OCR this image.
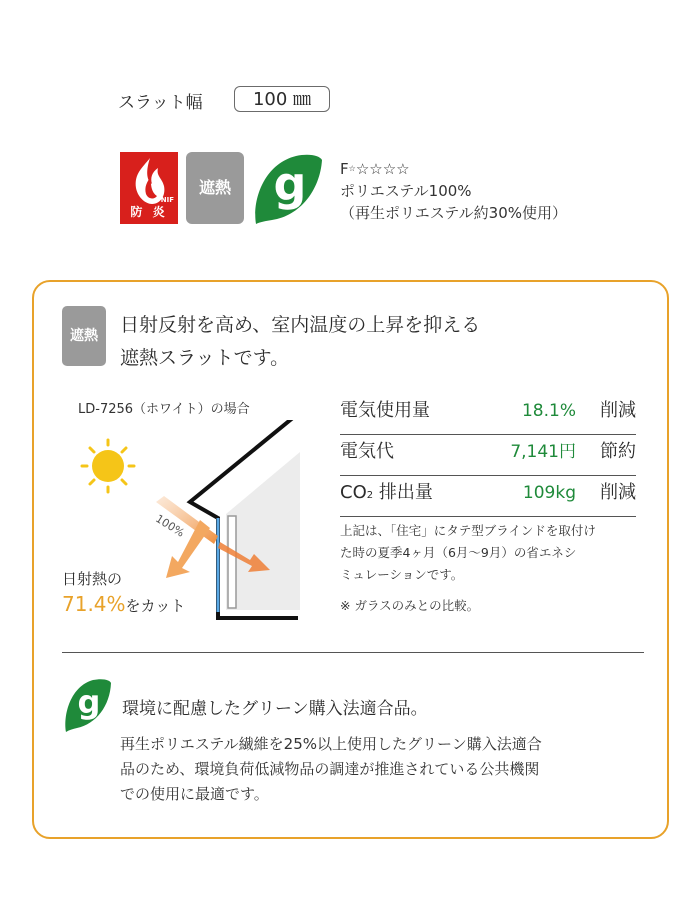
スラット幅	100 ㎜
NIF
防 炎
遮熱 g F☆☆☆☆☆
ポリエステル100%
（再生ポリエステル約30%使用）
遮熱	日射反射を高め、室内温度の上昇を抑える
遮熱スラットです。
LD-7256（ホワイト）の場合
100%
日射熱の
71.4%をカット
電気使用量	18.1%	削減
電気代	7,141円	節約
CO2 排出量	109kg	削減
上記は、「住宅」にタテ型ブラインドを取付け
た時の夏季4ヶ月（6月〜9月）の省エネシ
ミュレーションです。
※ ガラスのみとの比較。
g 環境に配慮したグリーン購入法適合品。
再生ポリエステル繊維を25%以上使用したグリーン購入法適合
品のため、環境負荷低減物品の調達が推進されている公共機関
での使用に最適です。
